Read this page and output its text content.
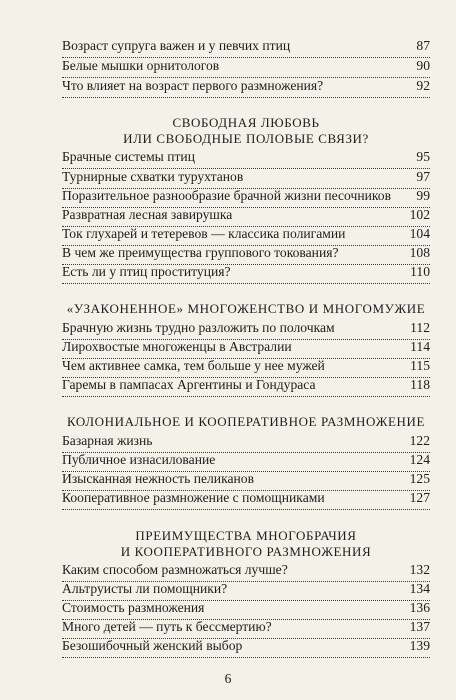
Возраст супруга важен и у певчих птиц	87
Белые мышки орнитологов	90
Что влияет на возраст первого размножения?	92
СВОБОДНАЯ ЛЮБОВЬ
ИЛИ СВОБОДНЫЕ ПОЛОВЫЕ СВЯЗИ?
Брачные системы птиц	95
Турнирные схватки турухтанов	97
Поразительное разнообразие брачной жизни песочников	99
Развратная лесная завирушка	102
Ток глухарей и тетеревов — классика полигамии	104
В чем же преимущества группового токования?	108
Есть ли у птиц проституция?	110
«УЗАКОНЕННОЕ» МНОГОЖЕНСТВО И МНОГОМУЖИЕ
Брачную жизнь трудно разложить по полочкам	112
Лирохвостые многоженцы в Австралии	114
Чем активнее самка, тем больше у нее мужей	115
Гаремы в пампасах Аргентины и Гондураса	118
КОЛОНИАЛЬНОЕ И КООПЕРАТИВНОЕ РАЗМНОЖЕНИЕ
Базарная жизнь	122
Публичное изнасилование	124
Изысканная нежность пеликанов	125
Кооперативное размножение с помощниками	127
ПРЕИМУЩЕСТВА МНОГОБРАЧИЯ
И КООПЕРАТИВНОГО РАЗМНОЖЕНИЯ
Каким способом размножаться лучше?	132
Альтруисты ли помощники?	134
Стоимость размножения	136
Много детей — путь к бессмертию?	137
Безошибочный женский выбор	139
6
